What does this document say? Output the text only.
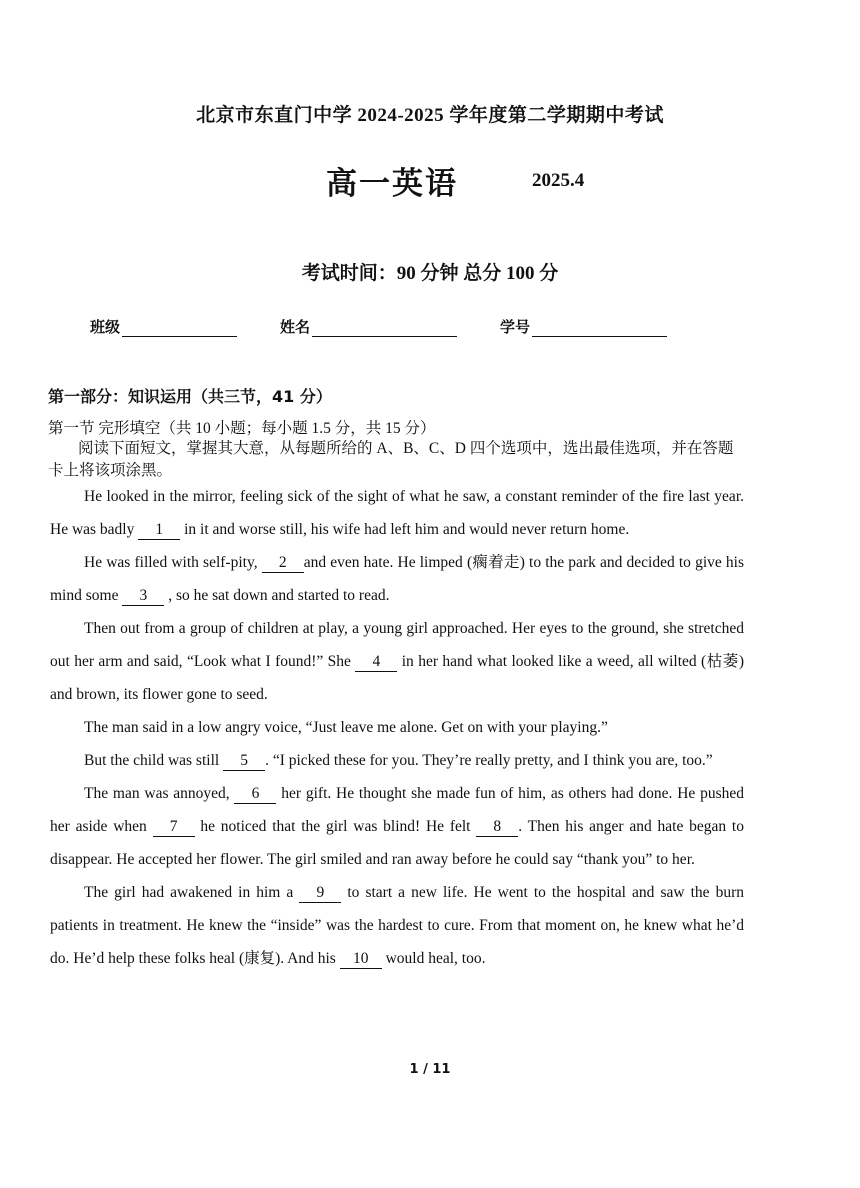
北京市东直门中学 2024-2025 学年度第二学期期中考试
高一英语	2025.4
考试时间：90 分钟 总分 100 分
班级	姓名	学号
第一部分：知识运用（共三节，41 分）
第一节 完形填空（共 10 小题；每小题 1.5 分，共 15 分）
阅读下面短文，掌握其大意，从每题所给的 A、B、C、D 四个选项中，选出最佳选项，并在答题卡上将该项涂黑。

He looked in the mirror, feeling sick of the sight of what he saw, a constant reminder of the fire last year. He was badly 1 in it and worse still, his wife had left him and would never return home.

He was filled with self-pity, 2 and even hate. He limped (瘸着走) to the park and decided to give his mind some 3 , so he sat down and started to read.

Then out from a group of children at play, a young girl approached. Her eyes to the ground, she stretched out her arm and said, “Look what I found!” She 4 in her hand what looked like a weed, all wilted (枯萎) and brown, its flower gone to seed.

The man said in a low angry voice, “Just leave me alone. Get on with your playing.”

But the child was still 5 . “I picked these for you. They’re really pretty, and I think you are, too.”

The man was annoyed, 6 her gift. He thought she made fun of him, as others had done. He pushed her aside when 7 he noticed that the girl was blind! He felt 8 . Then his anger and hate began to disappear. He accepted her flower. The girl smiled and ran away before he could say “thank you” to her.

The girl had awakened in him a 9 to start a new life. He went to the hospital and saw the burn patients in treatment. He knew the “inside” was the hardest to cure. From that moment on, he knew what he’d do. He’d help these folks heal (康复). And his 10 would heal, too.

1 / 11
